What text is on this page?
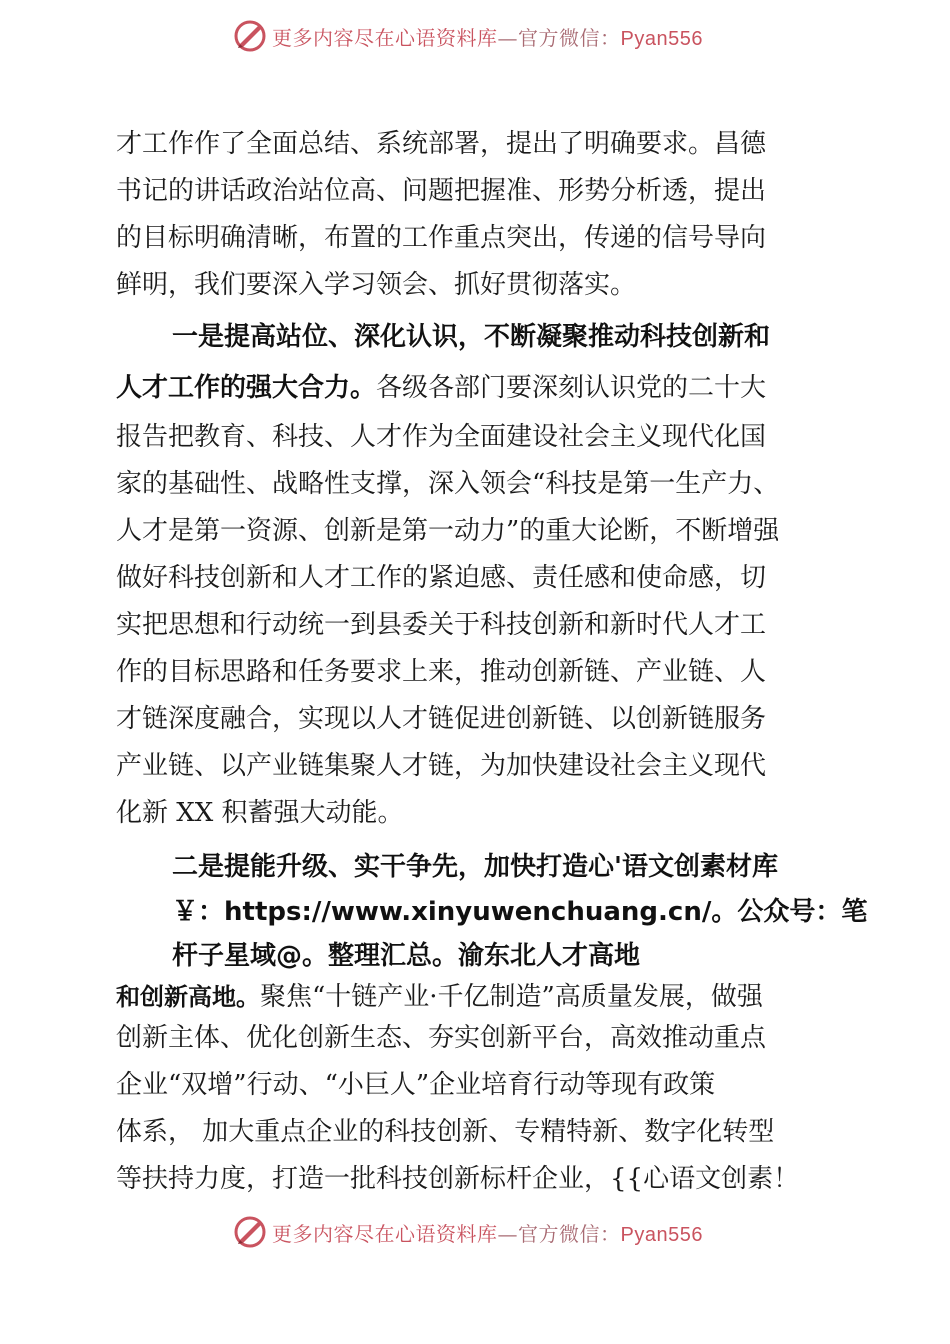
更多内容尽在心语资料库—官方微信：Pyan556
才工作作了全面总结、系统部署，提出了明确要求。昌德
书记的讲话政治站位高、问题把握准、形势分析透，提出
的目标明确清晰，布置的工作重点突出，传递的信号导向
鲜明，我们要深入学习领会、抓好贯彻落实。
一是提高站位、深化认识，不断凝聚推动科技创新和
人才工作的强大合力。各级各部门要深刻认识党的二十大
报告把教育、科技、人才作为全面建设社会主义现代化国
家的基础性、战略性支撑，深入领会“科技是第一生产力、
人才是第一资源、创新是第一动力”的重大论断，不断增强
做好科技创新和人才工作的紧迫感、责任感和使命感，切
实把思想和行动统一到县委关于科技创新和新时代人才工
作的目标思路和任务要求上来，推动创新链、产业链、人
才链深度融合，实现以人才链促进创新链、以创新链服务
产业链、以产业链集聚人才链，为加快建设社会主义现代
化新 XX 积蓄强大动能。
二是提能升级、实干争先，加快打造心'语文创素材库
￥：https://www.xinyuwenchuang.cn/。公众号：笔
杆子星域@。整理汇总。渝东北人才高地
和创新高地。聚焦“十链产业·千亿制造”高质量发展，做强
创新主体、优化创新生态、夯实创新平台，高效推动重点
企业“双增”行动、“小巨人”企业培育行动等现有政策
体系， 加大重点企业的科技创新、专精特新、数字化转型
等扶持力度，打造一批科技创新标杆企业，{{心语文创素！
更多内容尽在心语资料库—官方微信：Pyan556
